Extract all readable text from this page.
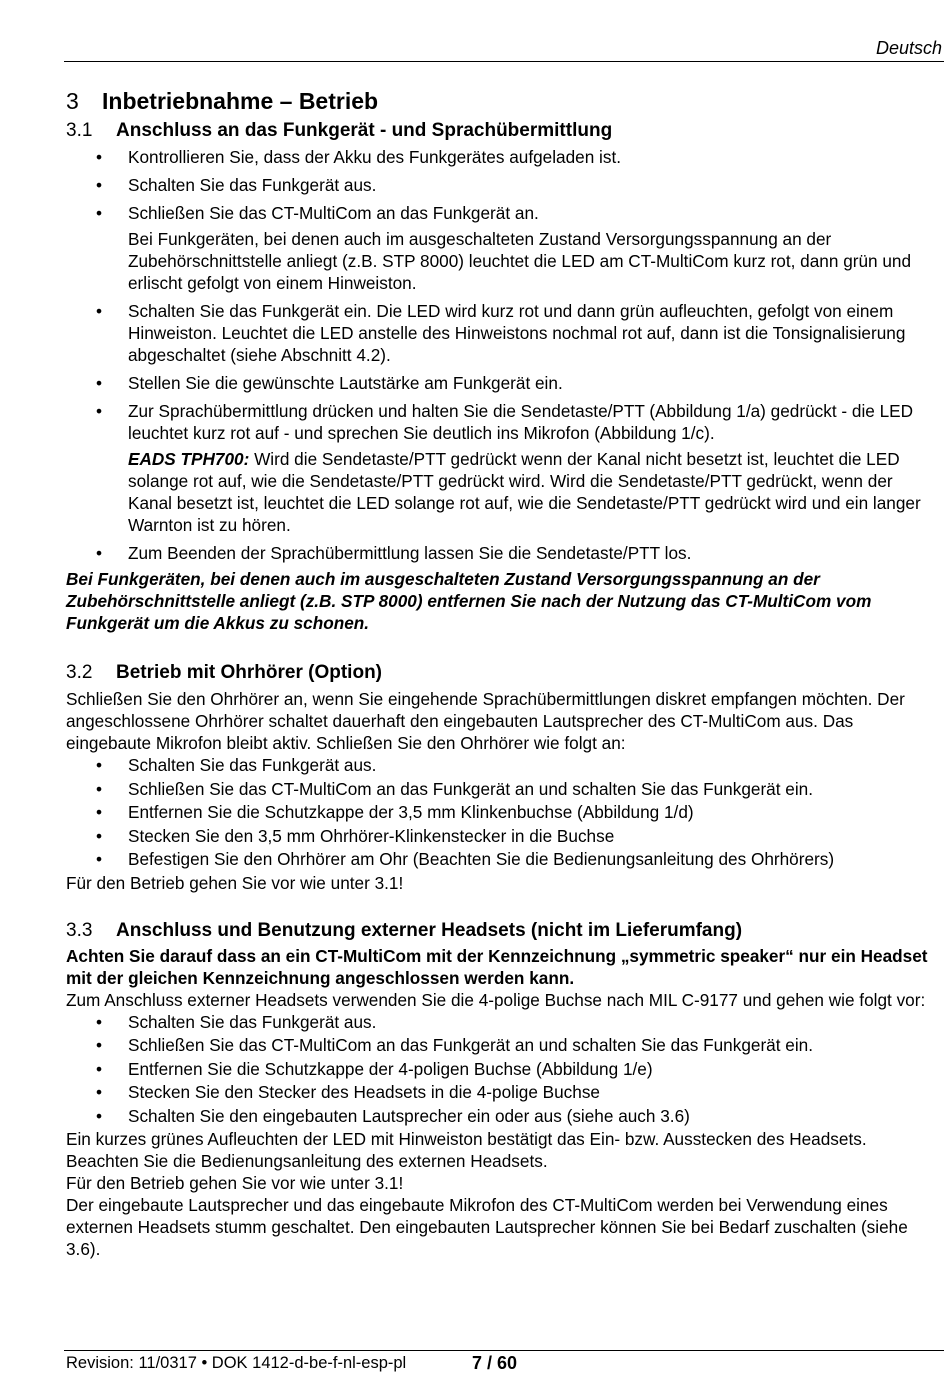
Deutsch
3 Inbetriebnahme – Betrieb
3.1 Anschluss an das Funkgerät - und Sprachübermittlung
• Kontrollieren Sie, dass der Akku des Funkgerätes aufgeladen ist.
• Schalten Sie das Funkgerät aus.
• Schließen Sie das CT-MultiCom an das Funkgerät an.
Bei Funkgeräten, bei denen auch im ausgeschalteten Zustand Versorgungsspannung an der Zubehörschnittstelle anliegt (z.B. STP 8000) leuchtet die LED am CT-MultiCom kurz rot, dann grün und erlischt gefolgt von einem Hinweiston.
• Schalten Sie das Funkgerät ein. Die LED wird kurz rot und dann grün aufleuchten, gefolgt von einem Hinweiston. Leuchtet die LED anstelle des Hinweistons nochmal rot auf, dann ist die Tonsignalisierung abgeschaltet (siehe Abschnitt 4.2).
• Stellen Sie die gewünschte Lautstärke am Funkgerät ein.
• Zur Sprachübermittlung drücken und halten Sie die Sendetaste/PTT (Abbildung 1/a) gedrückt - die LED leuchtet kurz rot auf - und sprechen Sie deutlich ins Mikrofon (Abbildung 1/c).
EADS TPH700: Wird die Sendetaste/PTT gedrückt wenn der Kanal nicht besetzt ist, leuchtet die LED solange rot auf, wie die Sendetaste/PTT gedrückt wird. Wird die Sendetaste/PTT gedrückt, wenn der Kanal besetzt ist, leuchtet die LED solange rot auf, wie die Sendetaste/PTT gedrückt wird und ein langer Warnton ist zu hören.
• Zum Beenden der Sprachübermittlung lassen Sie die Sendetaste/PTT los.
Bei Funkgeräten, bei denen auch im ausgeschalteten Zustand Versorgungsspannung an der Zubehörschnittstelle anliegt (z.B. STP 8000) entfernen Sie nach der Nutzung das CT-MultiCom vom Funkgerät um die Akkus zu schonen.
3.2 Betrieb mit Ohrhörer (Option)
Schließen Sie den Ohrhörer an, wenn Sie eingehende Sprachübermittlungen diskret empfangen möchten. Der angeschlossene Ohrhörer schaltet dauerhaft den eingebauten Lautsprecher des CT-MultiCom aus. Das eingebaute Mikrofon bleibt aktiv. Schließen Sie den Ohrhörer wie folgt an:
• Schalten Sie das Funkgerät aus.
• Schließen Sie das CT-MultiCom an das Funkgerät an und schalten Sie das Funkgerät ein.
• Entfernen Sie die Schutzkappe der 3,5 mm Klinkenbuchse (Abbildung 1/d)
• Stecken Sie den 3,5 mm Ohrhörer-Klinkenstecker in die Buchse
• Befestigen Sie den Ohrhörer am Ohr (Beachten Sie die Bedienungsanleitung des Ohrhörers)
Für den Betrieb gehen Sie vor wie unter 3.1!
3.3 Anschluss und Benutzung externer Headsets (nicht im Lieferumfang)
Achten Sie darauf dass an ein CT-MultiCom mit der Kennzeichnung „symmetric speaker“ nur ein Headset mit der gleichen Kennzeichnung angeschlossen werden kann.
Zum Anschluss externer Headsets verwenden Sie die 4-polige Buchse nach MIL C-9177 und gehen wie folgt vor:
• Schalten Sie das Funkgerät aus.
• Schließen Sie das CT-MultiCom an das Funkgerät an und schalten Sie das Funkgerät ein.
• Entfernen Sie die Schutzkappe der 4-poligen Buchse (Abbildung 1/e)
• Stecken Sie den Stecker des Headsets in die 4-polige Buchse
• Schalten Sie den eingebauten Lautsprecher ein oder aus (siehe auch 3.6)
Ein kurzes grünes Aufleuchten der LED mit Hinweiston bestätigt das Ein- bzw. Ausstecken des Headsets.
Beachten Sie die Bedienungsanleitung des externen Headsets.
Für den Betrieb gehen Sie vor wie unter 3.1!
Der eingebaute Lautsprecher und das eingebaute Mikrofon des CT-MultiCom werden bei Verwendung eines externen Headsets stumm geschaltet. Den eingebauten Lautsprecher können Sie bei Bedarf zuschalten (siehe 3.6).
Revision: 11/0317 • DOK 1412-d-be-f-nl-esp-pl	7 / 60
